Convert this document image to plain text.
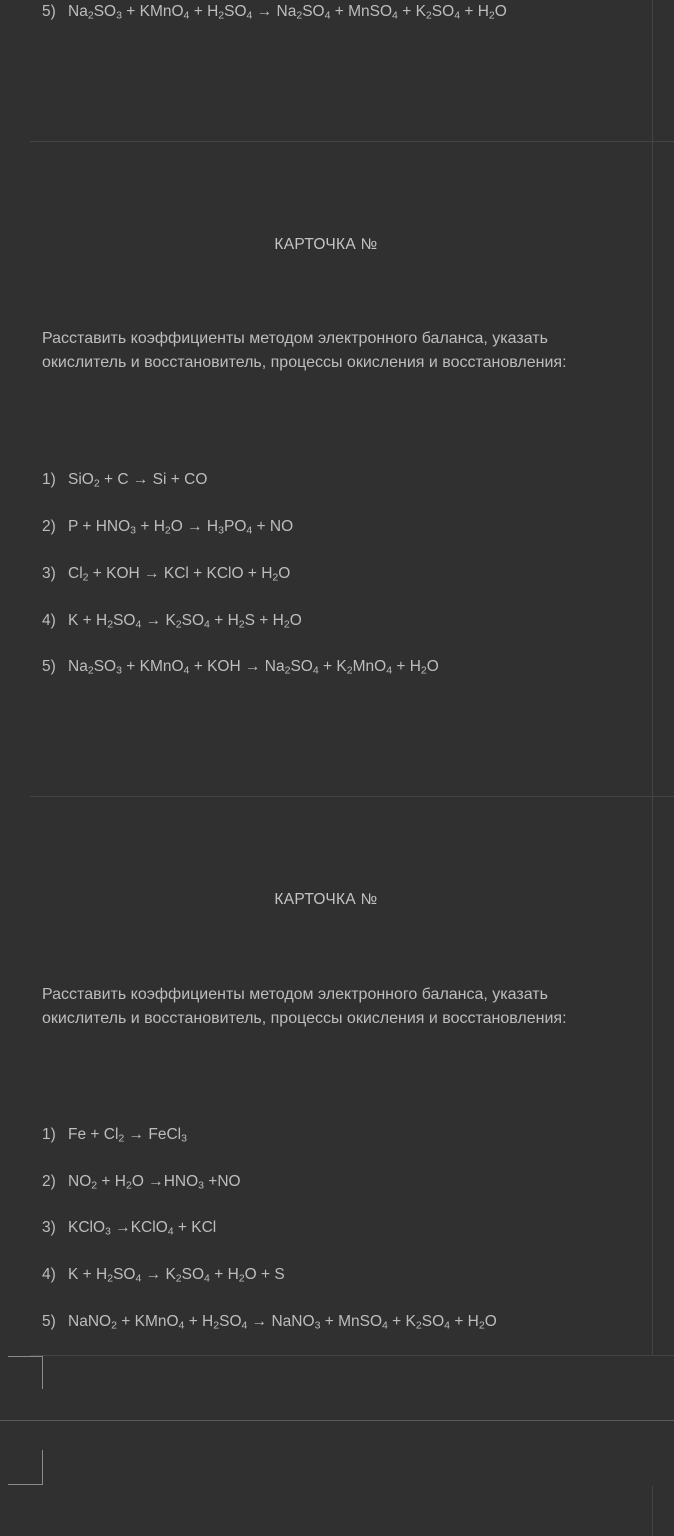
5) $Na_2SO_3$ + KMnO$_4$ + $H_2SO_4 \to Na_2SO_4$ + MnSO$_4$ + $K_2SO_4 + H_2O$
КАРТОЧКА №
Расставить коэффициенты методом электронного баланса, указать окислитель и восстановитель, процессы окисления и восстановления:
1) SiO$_2$ + C → Si + CO
2) $P + HNO_3 + H_2O \to H_3PO_4$ + NO
3) $Cl_2$ + KOH → KCl + KClO + $H_2O$
4) $K + H_2SO_4 \to K_2SO_4 + H_2S + H_2O$
5) $Na_2SO_3$ + KMnO$_4$ + KOH → $Na_2SO_4 + K_2MnO_4 + H_2O$
КАРТОЧКА №
Расставить коэффициенты методом электронного баланса, указать окислитель и восстановитель, процессы окисления и восстановления:
1) $Fe + Cl_2$ → FeCl$_3$
2) $NO_2 + H_2O \to HNO_3 +NO$
3) KClO$_3$ →KClO$_4$ + KCl
4) $K + H_2SO_4 \to K_2SO_4 + H_2O + S$
5) NaNO$_2$ + KMnO$_4$ + $H_2SO_4$ → NaNO$_3$ + MnSO$_4$ + $K_2SO_4 + H_2O$
